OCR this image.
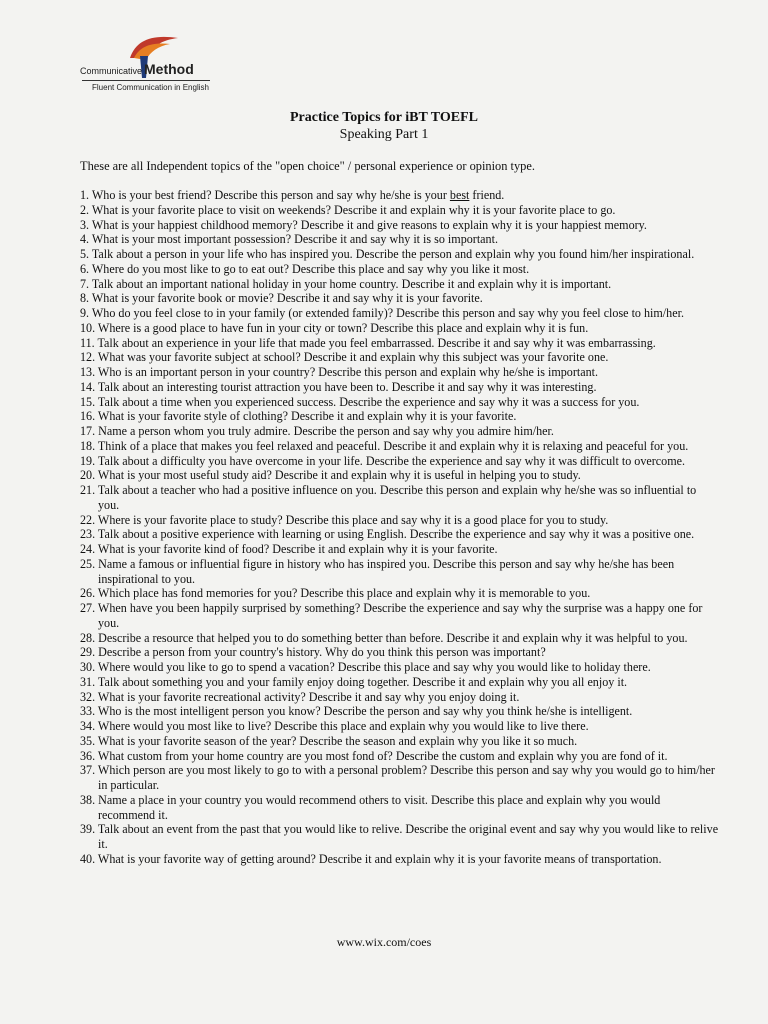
Communicative Method
Fluent Communication in English
Practice Topics for iBT TOEFL
Speaking Part 1
These are all Independent topics of the "open choice" / personal experience or opinion type.
1. Who is your best friend? Describe this person and say why he/she is your best friend.
2. What is your favorite place to visit on weekends? Describe it and explain why it is your favorite place to go.
3. What is your happiest childhood memory? Describe it and give reasons to explain why it is your happiest memory.
4. What is your most important possession? Describe it and say why it is so important.
5. Talk about a person in your life who has inspired you. Describe the person and explain why you found him/her inspirational.
6. Where do you most like to go to eat out? Describe this place and say why you like it most.
7. Talk about an important national holiday in your home country. Describe it and explain why it is important.
8. What is your favorite book or movie? Describe it and say why it is your favorite.
9. Who do you feel close to in your family (or extended family)? Describe this person and say why you feel close to him/her.
10. Where is a good place to have fun in your city or town? Describe this place and explain why it is fun.
11. Talk about an experience in your life that made you feel embarrassed. Describe it and say why it was embarrassing.
12. What was your favorite subject at school? Describe it and explain why this subject was your favorite one.
13. Who is an important person in your country? Describe this person and explain why he/she is important.
14. Talk about an interesting tourist attraction you have been to. Describe it and say why it was interesting.
15. Talk about a time when you experienced success. Describe the experience and say why it was a success for you.
16. What is your favorite style of clothing? Describe it and explain why it is your favorite.
17. Name a person whom you truly admire. Describe the person and say why you admire him/her.
18. Think of a place that makes you feel relaxed and peaceful. Describe it and explain why it is relaxing and peaceful for you.
19. Talk about a difficulty you have overcome in your life. Describe the experience and say why it was difficult to overcome.
20. What is your most useful study aid? Describe it and explain why it is useful in helping you to study.
21. Talk about a teacher who had a positive influence on you. Describe this person and explain why he/she was so influential to you.
22. Where is your favorite place to study? Describe this place and say why it is a good place for you to study.
23. Talk about a positive experience with learning or using English. Describe the experience and say why it was a positive one.
24. What is your favorite kind of food? Describe it and explain why it is your favorite.
25. Name a famous or influential figure in history who has inspired you. Describe this person and say why he/she has been inspirational to you.
26. Which place has fond memories for you? Describe this place and explain why it is memorable to you.
27. When have you been happily surprised by something? Describe the experience and say why the surprise was a happy one for you.
28. Describe a resource that helped you to do something better than before. Describe it and explain why it was helpful to you.
29. Describe a person from your country's history. Why do you think this person was important?
30. Where would you like to go to spend a vacation? Describe this place and say why you would like to holiday there.
31. Talk about something you and your family enjoy doing together. Describe it and explain why you all enjoy it.
32. What is your favorite recreational activity? Describe it and say why you enjoy doing it.
33. Who is the most intelligent person you know? Describe the person and say why you think he/she is intelligent.
34. Where would you most like to live? Describe this place and explain why you would like to live there.
35. What is your favorite season of the year? Describe the season and explain why you like it so much.
36. What custom from your home country are you most fond of? Describe the custom and explain why you are fond of it.
37. Which person are you most likely to go to with a personal problem? Describe this person and say why you would go to him/her in particular.
38. Name a place in your country you would recommend others to visit. Describe this place and explain why you would recommend it.
39. Talk about an event from the past that you would like to relive. Describe the original event and say why you would like to relive it.
40. What is your favorite way of getting around? Describe it and explain why it is your favorite means of transportation.
www.wix.com/coes
